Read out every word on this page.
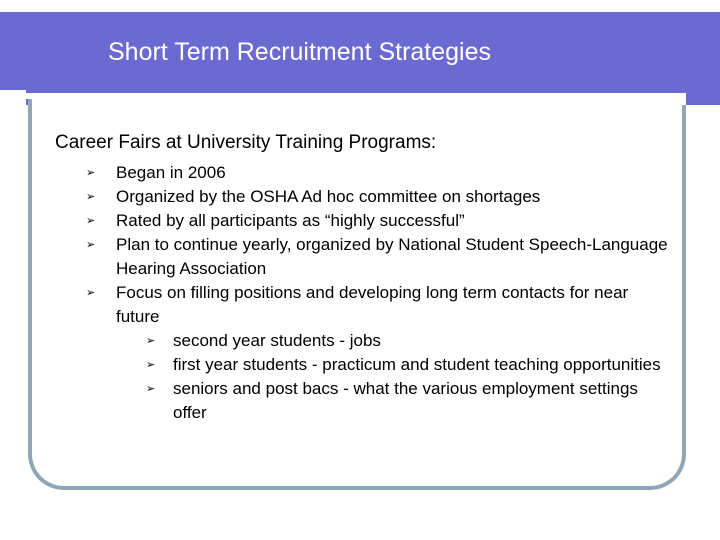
Short Term Recruitment Strategies
Career Fairs at University Training Programs:
➢ Began in 2006
➢ Organized by the OSHA Ad hoc committee on shortages
➢ Rated by all participants as “highly successful”
➢ Plan to continue yearly, organized by National Student Speech-Language Hearing Association
➢ Focus on filling positions and developing long term contacts for near future
➢ second year students - jobs
➢ first year students - practicum and student teaching opportunities
➢ seniors and post bacs - what the various employment settings offer
